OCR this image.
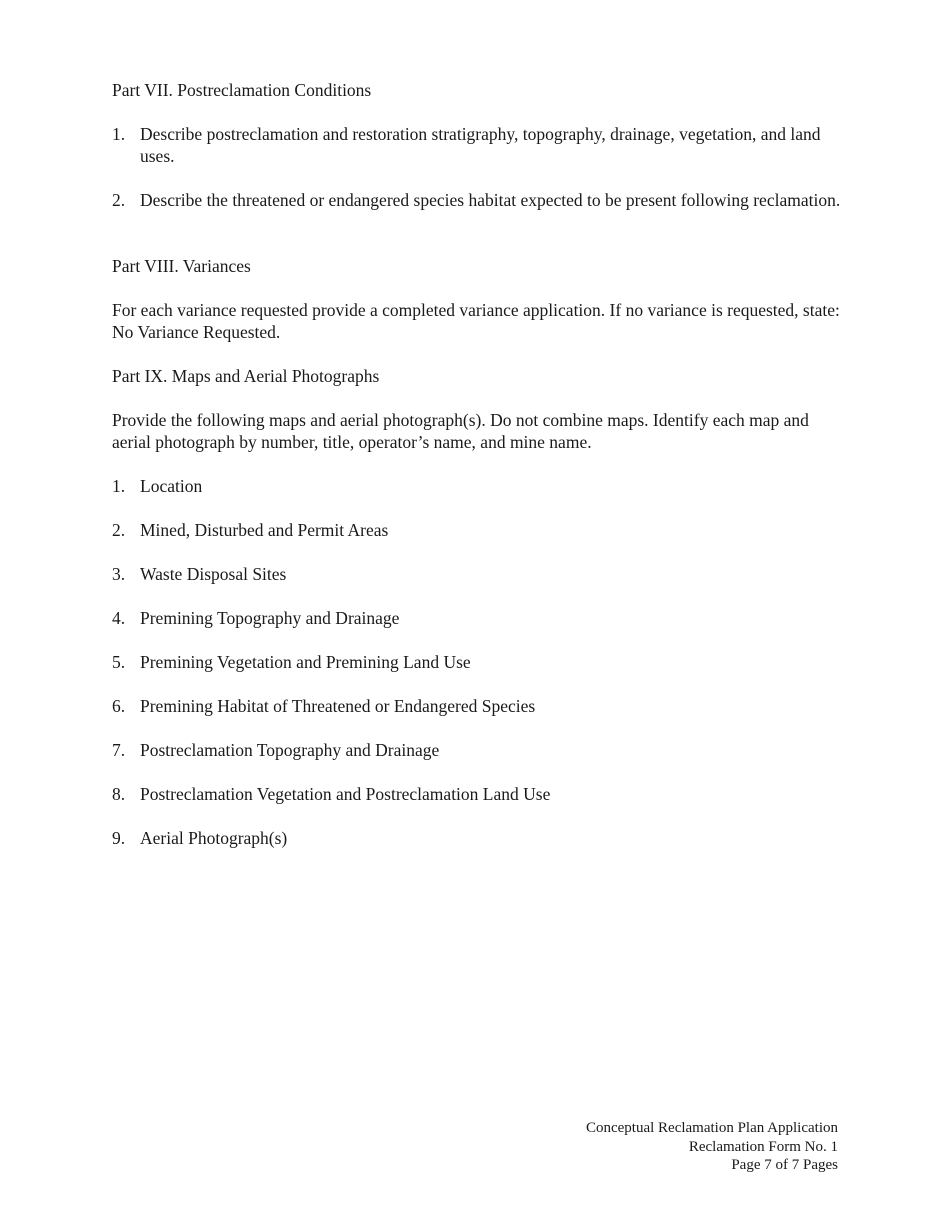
Part VII. Postreclamation Conditions

1. Describe postreclamation and restoration stratigraphy, topography, drainage, vegetation, and land uses.
2. Describe the threatened or endangered species habitat expected to be present following reclamation.

Part VIII. Variances

For each variance requested provide a completed variance application. If no variance is requested, state: No Variance Requested.

Part IX. Maps and Aerial Photographs

Provide the following maps and aerial photograph(s). Do not combine maps. Identify each map and aerial photograph by number, title, operator’s name, and mine name.

1. Location
2. Mined, Disturbed and Permit Areas
3. Waste Disposal Sites
4. Premining Topography and Drainage
5. Premining Vegetation and Premining Land Use
6. Premining Habitat of Threatened or Endangered Species
7. Postreclamation Topography and Drainage
8. Postreclamation Vegetation and Postreclamation Land Use
9. Aerial Photograph(s)
Conceptual Reclamation Plan Application
Reclamation Form No. 1
Page 7 of 7 Pages
